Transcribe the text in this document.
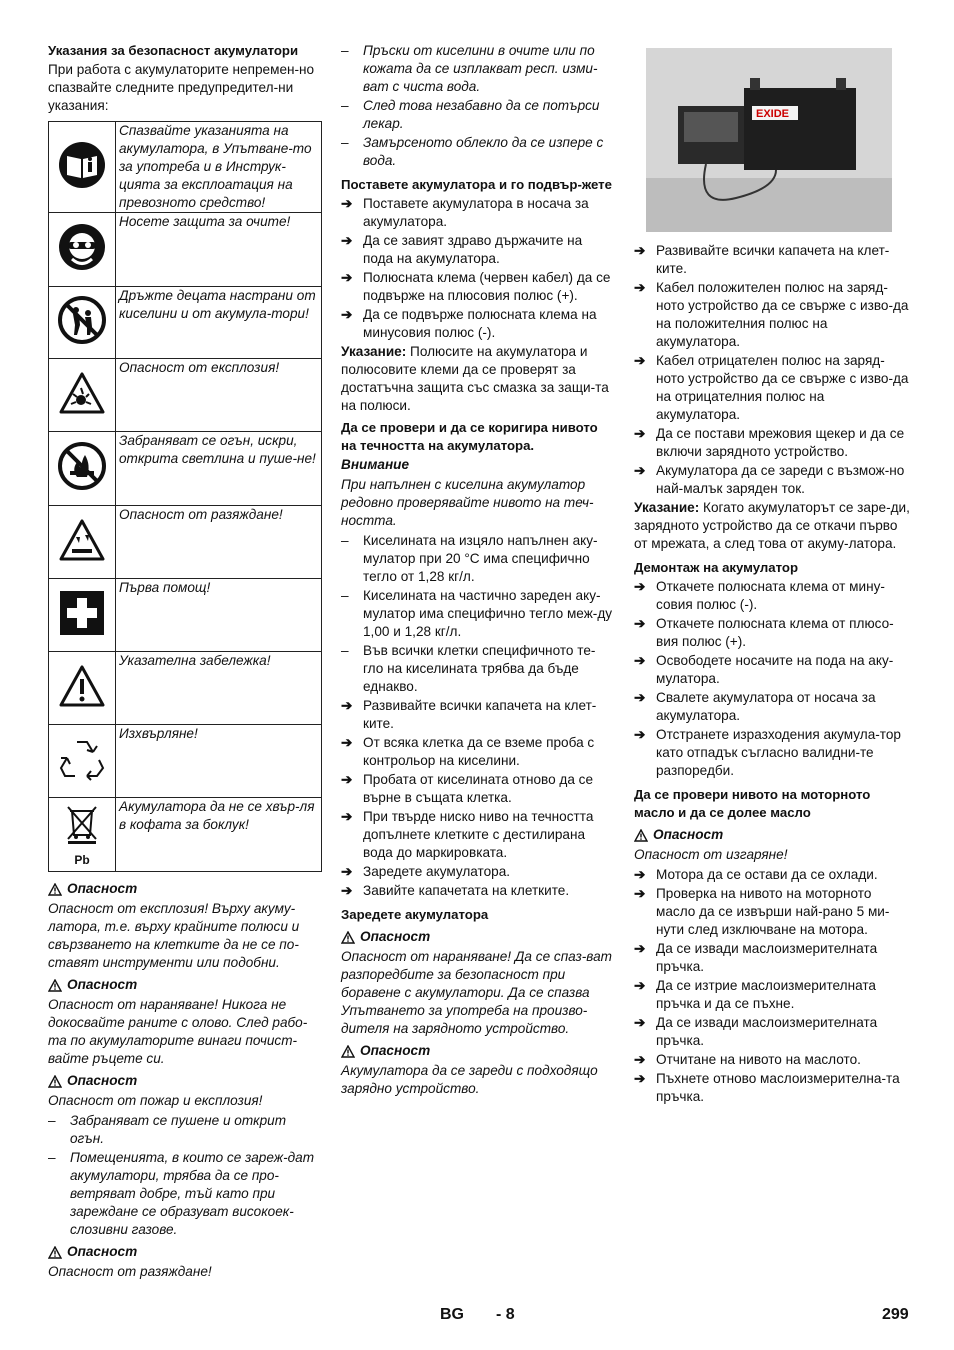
Указания за безопасност акумулатори

При работа с акумулаторите непремен-но спазвайте следните предупредител-ни указания:

	Спазвайте указанията на акумулатора, в Упътване-то за употреба и в Инструк-цията за експлоатация на превозното средство!
	Носете защита за очите!
	Дръжте децата настрани от киселини и от акумула-тори!
	Опасност от експлозия!
	Забраняват се огън, искри, открита светлина и пуше-не!
	Опасност от разяждане!
	Първа помощ!
	Указателна забележка!
	Изхвърляне!

Pb	Акумулатора да не се хвър-ля в кофата за боклук!
Опасност

Опасност от експлозия! Върху акуму-латора, т.е. върху крайните полюси и свързването на клетките да не се по-ставят инструменти или подобни.

Опасност

Опасност от нараняване! Никога не докосвайте раните с олово. След рабо-та по акумулаторите винаги почист-вайте ръцете си.

Опасност

Опасност от пожар и експлозия!

–	Забраняват се пушене и открит огън.
–	Помещенията, в които се зареж-дат акумулатори, трябва да се про-ветряват добре, тъй като при зареждане се образуват високоек-слозивни газове.
Опасност

Опасност от разяждане!

–	Пръски от киселини в очите или по кожата да се изплакват респ. изми-ват с чиста вода.
–	След това незабавно да се потърси лекар.
–	Замърсеното облекло да се изпере с вода.

Поставете акумулатора и го подвър-жете

➔ Поставете акумулатора в носача за акумулатора.
➔ Да се завият здраво държачите на пода на акумулатора.
➔ Полюсната клема (червен кабел) да се подвърже на плюсовия полюс (+).
➔ Да се подвърже полюсната клема на минусовия полюс (-).

Указание: Полюсите на акумулатора и полюсовите клеми да се проверят за достатъчна защита със смазка за защи-та на полюси.

Да се провери и да се коригира нивото на течността на акумулатора.

Внимание

При напълнен с киселина акумулатор редовно проверявайте нивото на теч-ността.

–	Киселината на изцяло напълнен аку-мулатор при 20 °C има специфично тегло от 1,28 кг/л.
–	Киселината на частично зареден аку-мулатор има специфично тегло меж-ду 1,00 и 1,28 кг/л.
–	Във всички клетки специфичното те-гло на киселината трябва да бъде еднакво.
➔ Развивайте всички капачета на клет-ките.
➔ От всяка клетка да се вземе проба с контрольор на киселини.
➔ Пробата от киселината отново да се върне в същата клетка.
➔ При твърде ниско ниво на течността допълнете клетките с дестилирана вода до маркировката.
➔ Заредете акумулатора.
➔ Завийте капачетата на клетките.

Заредете акумулатора

Опасност

Опасност от нараняване! Да се спаз-ват разпоредбите за безопасност при боравене с акумулатори. Да се спазва Упътването за употреба на произво-дителя на зарядното устройство.

Опасност

Акумулатора да се зареди с подходящо зарядно устройство.

EXIDE
➔ Развивайте всички капачета на клет-ките.
➔ Кабел положителен полюс на заряд-ното устройство да се свърже с изво-да на положителния полюс на акумулатора.
➔ Кабел отрицателен полюс на заряд-ното устройство да се свърже с изво-да на отрицателния полюс на акумулатора.
➔ Да се постави мрежовия щекер и да се включи зарядното устройство.
➔ Акумулатора да се зареди с възмож-но най-малък заряден ток.

Указание: Когато акумулаторът се заре-ди, зарядното устройство да се откачи първо от мрежата, а след това от акуму-латора.

Демонтаж на акумулатор

➔ Откачете полюсната клема от мину-совия полюс (-).
➔ Откачете полюсната клема от плюсо-вия полюс (+).
➔ Освободете носачите на пода на аку-мулатора.
➔ Свалете акумулатора от носача за акумулатора.
➔ Отстранете изразходения акумула-тор като отпадък съгласно валидни-те разпоредби.

Да се провери нивото на моторното масло и да се долее масло

Опасност

Опасност от изгаряне!

➔ Мотора да се остави да се охлади.
➔ Проверка на нивото на моторното масло да се извърши най-рано 5 ми-нути след изключване на мотора.
➔ Да се извади маслоизмерителната пръчка.
➔ Да се изтрие маслоизмерителната пръчка и да се пъхне.
➔ Да се извади маслоизмерителната пръчка.
➔ Отчитане на нивото на маслото.
➔ Пъхнете отново маслоизмерителна-та пръчка.
BG - 8	299
